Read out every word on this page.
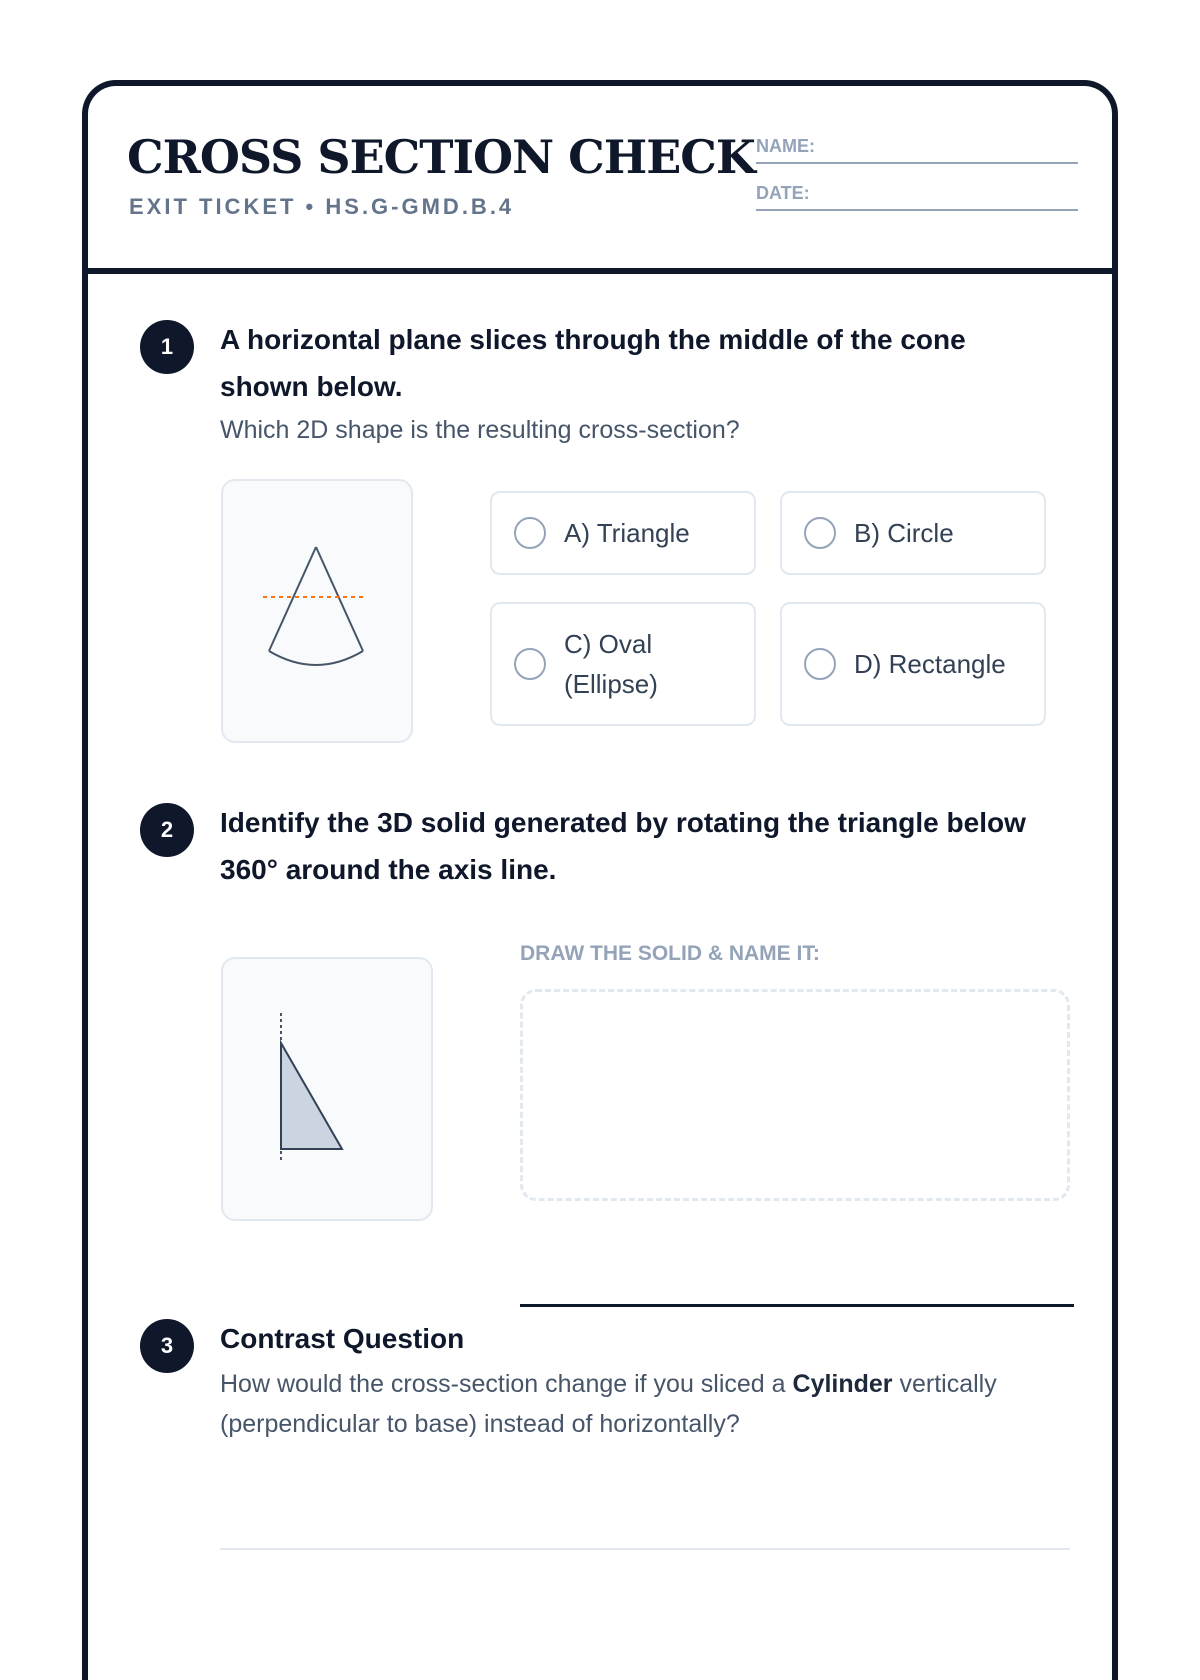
CROSS SECTION CHECK
EXIT TICKET • HS.G-GMD.B.4
NAME:
DATE:
1	A horizontal plane slices through the middle of the cone shown below.
Which 2D shape is the resulting cross-section?
A) Triangle	B) Circle
C) Oval (Ellipse)
D) Rectangle
2	Identify the 3D solid generated by rotating the triangle below 360° around the axis line.
DRAW THE SOLID & NAME IT:
3	Contrast Question
How would the cross-section change if you sliced a Cylinder vertically (perpendicular to base) instead of horizontally?
